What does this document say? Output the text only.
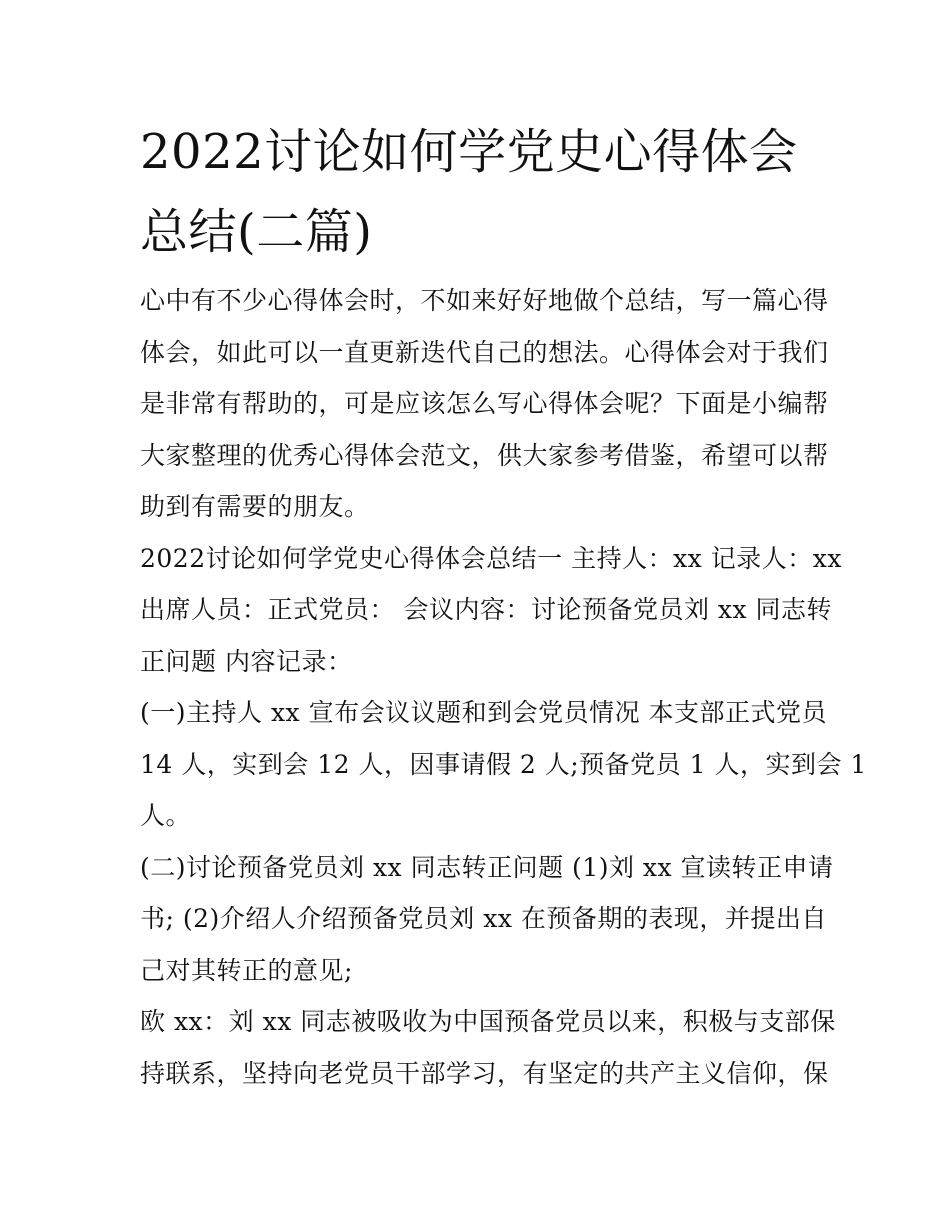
2022讨论如何学党史心得体会
总结(二篇)
心中有不少心得体会时，不如来好好地做个总结，写一篇心得
体会，如此可以一直更新迭代自己的想法。心得体会对于我们
是非常有帮助的，可是应该怎么写心得体会呢？下面是小编帮
大家整理的优秀心得体会范文，供大家参考借鉴，希望可以帮
助到有需要的朋友。
2022讨论如何学党史心得体会总结一 主持人：xx 记录人：xx
出席人员：正式党员： 会议内容：讨论预备党员刘 xx 同志转
正问题 内容记录：
(一)主持人 xx 宣布会议议题和到会党员情况 本支部正式党员
14 人，实到会 12 人，因事请假 2 人;预备党员 1 人，实到会 1
人。
(二)讨论预备党员刘 xx 同志转正问题 (1)刘 xx 宣读转正申请
书; (2)介绍人介绍预备党员刘 xx 在预备期的表现，并提出自
己对其转正的意见;
欧 xx：刘 xx 同志被吸收为中国预备党员以来，积极与支部保
持联系，坚持向老党员干部学习，有坚定的共产主义信仰，保
